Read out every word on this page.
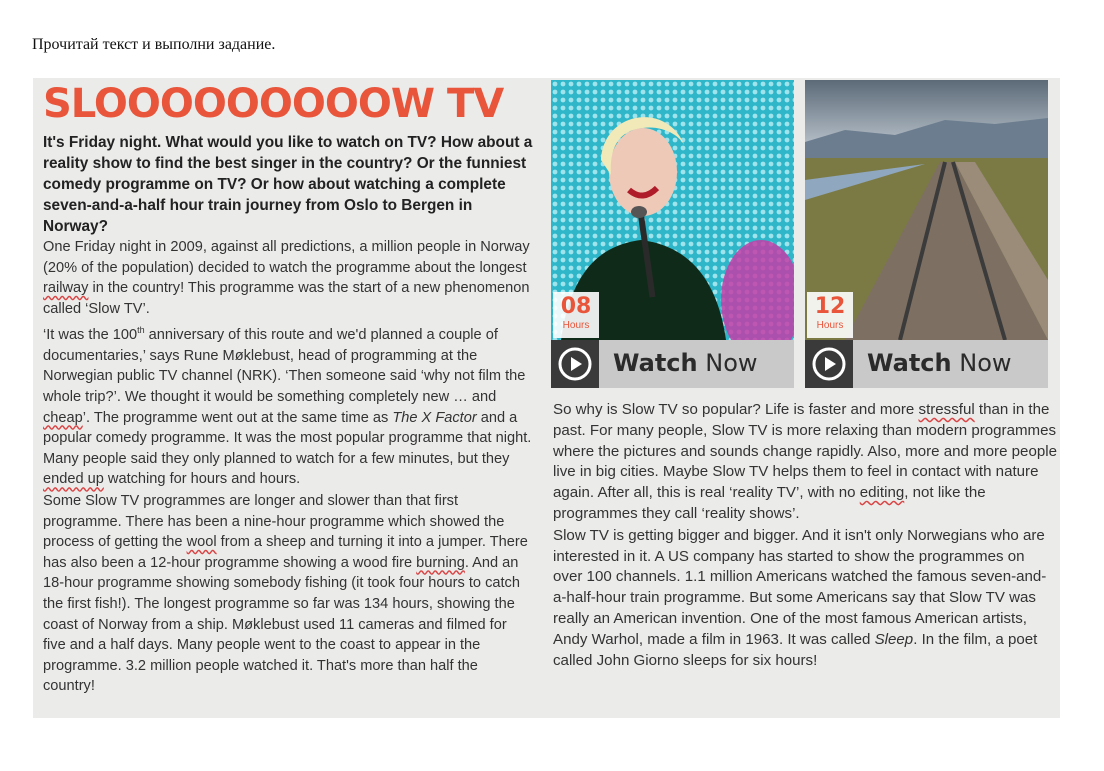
Прочитай текст и выполни задание.
SLOOOOOOOOOW TV

It's Friday night. What would you like to watch on TV? How about a reality show to find the best singer in the country? Or the funniest comedy programme on TV? Or how about watching a complete seven-and-a-half hour train journey from Oslo to Bergen in Norway?

One Friday night in 2009, against all predictions, a million people in Norway (20% of the population) decided to watch the programme about the longest railway in the country! This programme was the start of a new phenomenon called ‘Slow TV’.

‘It was the 100th anniversary of this route and we'd planned a couple of documentaries,’ says Rune Møklebust, head of programming at the Norwegian public TV channel (NRK). ‘Then someone said ‘why not film the whole trip?’. We thought it would be something completely new … and cheap’. The programme went out at the same time as The X Factor and a popular comedy programme. It was the most popular programme that night. Many people said they only planned to watch for a few minutes, but they ended up watching for hours and hours.

Some Slow TV programmes are longer and slower than that first programme. There has been a nine-hour programme which showed the process of getting the wool from a sheep and turning it into a jumper. There has also been a 12-hour programme showing a wood fire burning. And an 18-hour programme showing somebody fishing (it took four hours to catch the first fish!). The longest programme so far was 134 hours, showing the coast of Norway from a ship. Møklebust used 11 cameras and filmed for five and a half days. Many people went to the coast to appear in the programme. 3.2 million people watched it. That's more than half the country!

08
Hours
Watch Now
12
Hours
Watch Now

So why is Slow TV so popular? Life is faster and more stressful than in the past. For many people, Slow TV is more relaxing than modern programmes where the pictures and sounds change rapidly. Also, more and more people live in big cities. Maybe Slow TV helps them to feel in contact with nature again. After all, this is real ‘reality TV’, with no editing, not like the programmes they call ‘reality shows’.

Slow TV is getting bigger and bigger. And it isn't only Norwegians who are interested in it. A US company has started to show the programmes on over 100 channels. 1.1 million Americans watched the famous seven-and-a-half-hour train programme. But some Americans say that Slow TV was really an American invention. One of the most famous American artists, Andy Warhol, made a film in 1963. It was called Sleep. In the film, a poet called John Giorno sleeps for six hours!
